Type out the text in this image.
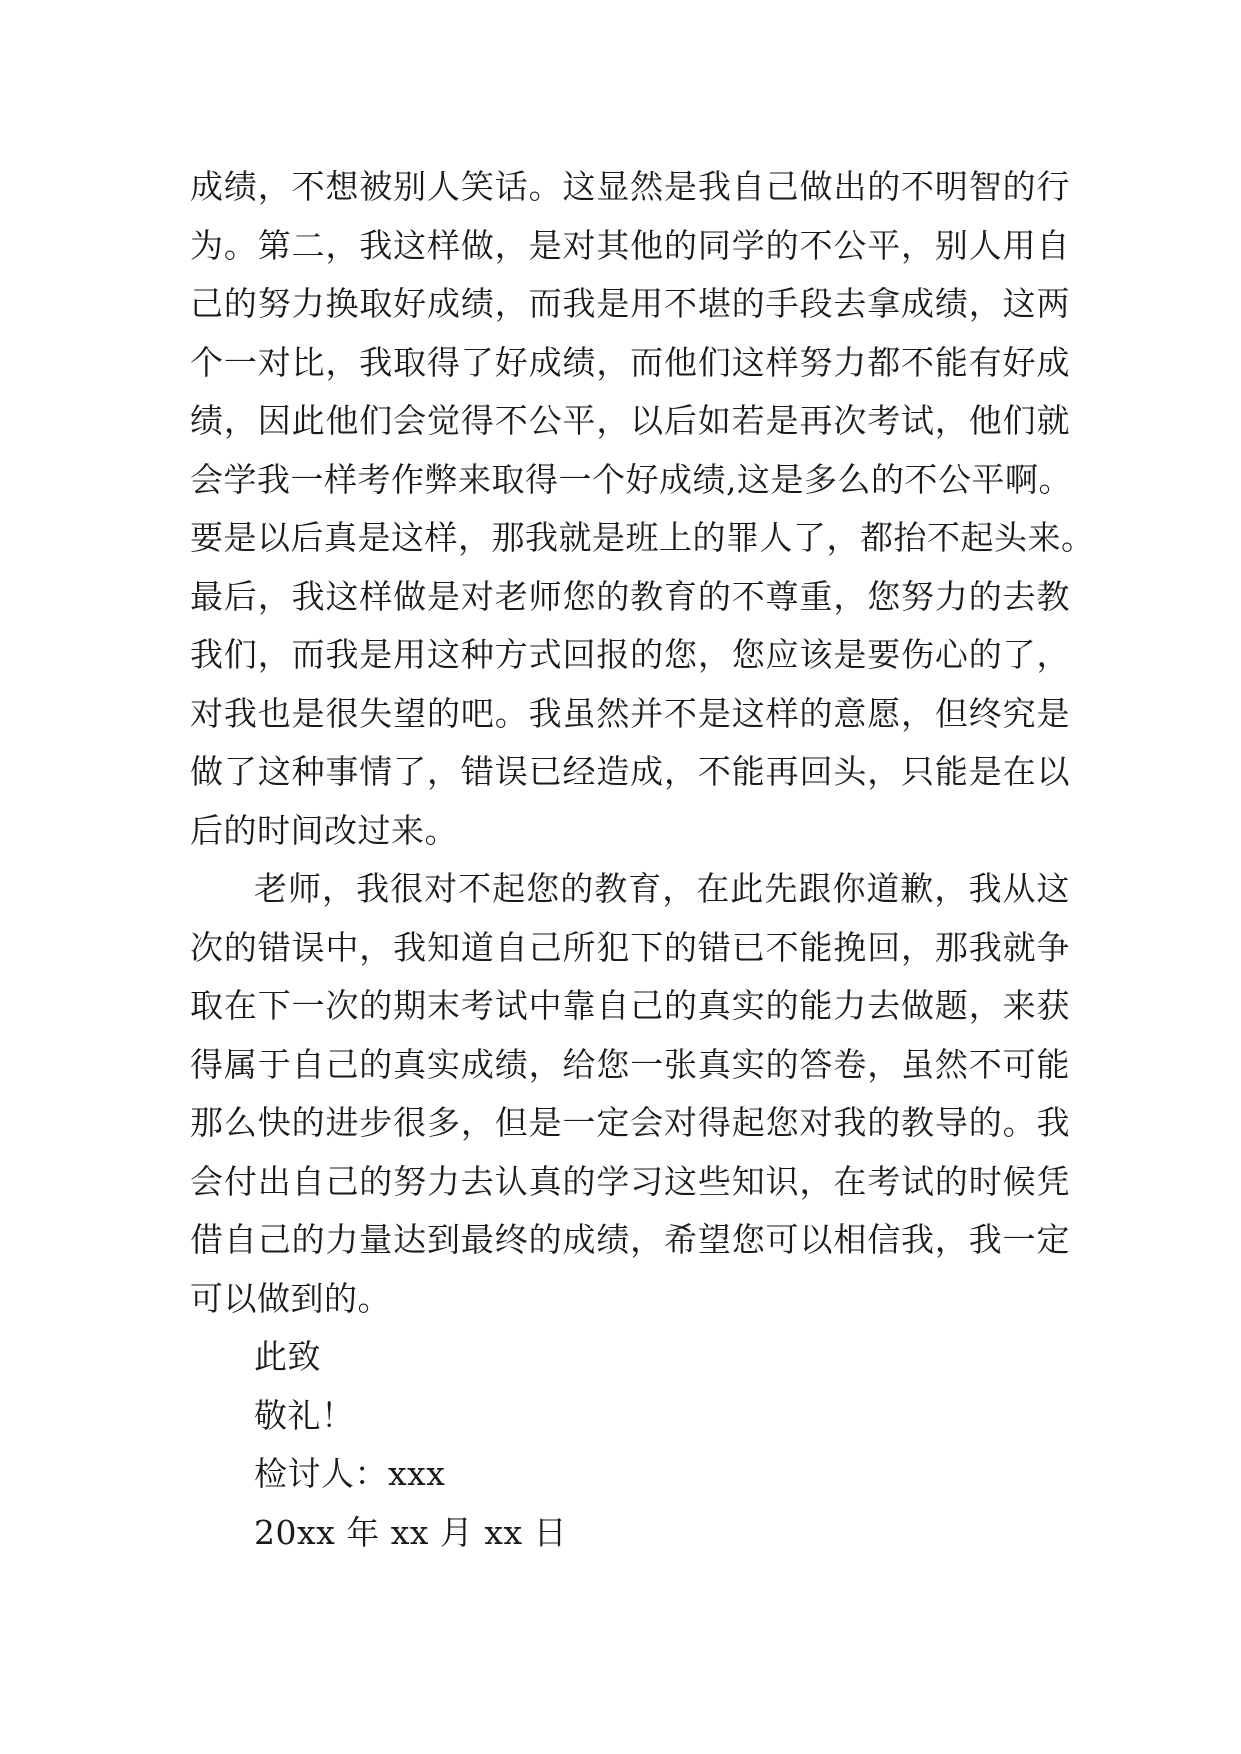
成绩，不想被别人笑话。这显然是我自己做出的不明智的行
为。第二，我这样做，是对其他的同学的不公平，别人用自
己的努力换取好成绩，而我是用不堪的手段去拿成绩，这两
个一对比，我取得了好成绩，而他们这样努力都不能有好成
绩，因此他们会觉得不公平，以后如若是再次考试，他们就
会学我一样考作弊来取得一个好成绩,这是多么的不公平啊。
要是以后真是这样，那我就是班上的罪人了，都抬不起头来。
最后，我这样做是对老师您的教育的不尊重，您努力的去教
我们，而我是用这种方式回报的您，您应该是要伤心的了，
对我也是很失望的吧。我虽然并不是这样的意愿，但终究是
做了这种事情了，错误已经造成，不能再回头，只能是在以
后的时间改过来。
老师，我很对不起您的教育，在此先跟你道歉，我从这
次的错误中，我知道自己所犯下的错已不能挽回，那我就争
取在下一次的期末考试中靠自己的真实的能力去做题，来获
得属于自己的真实成绩，给您一张真实的答卷，虽然不可能
那么快的进步很多，但是一定会对得起您对我的教导的。我
会付出自己的努力去认真的学习这些知识，在考试的时候凭
借自己的力量达到最终的成绩，希望您可以相信我，我一定
可以做到的。
此致
敬礼！
检讨人：xxx
20xx 年 xx 月 xx 日
